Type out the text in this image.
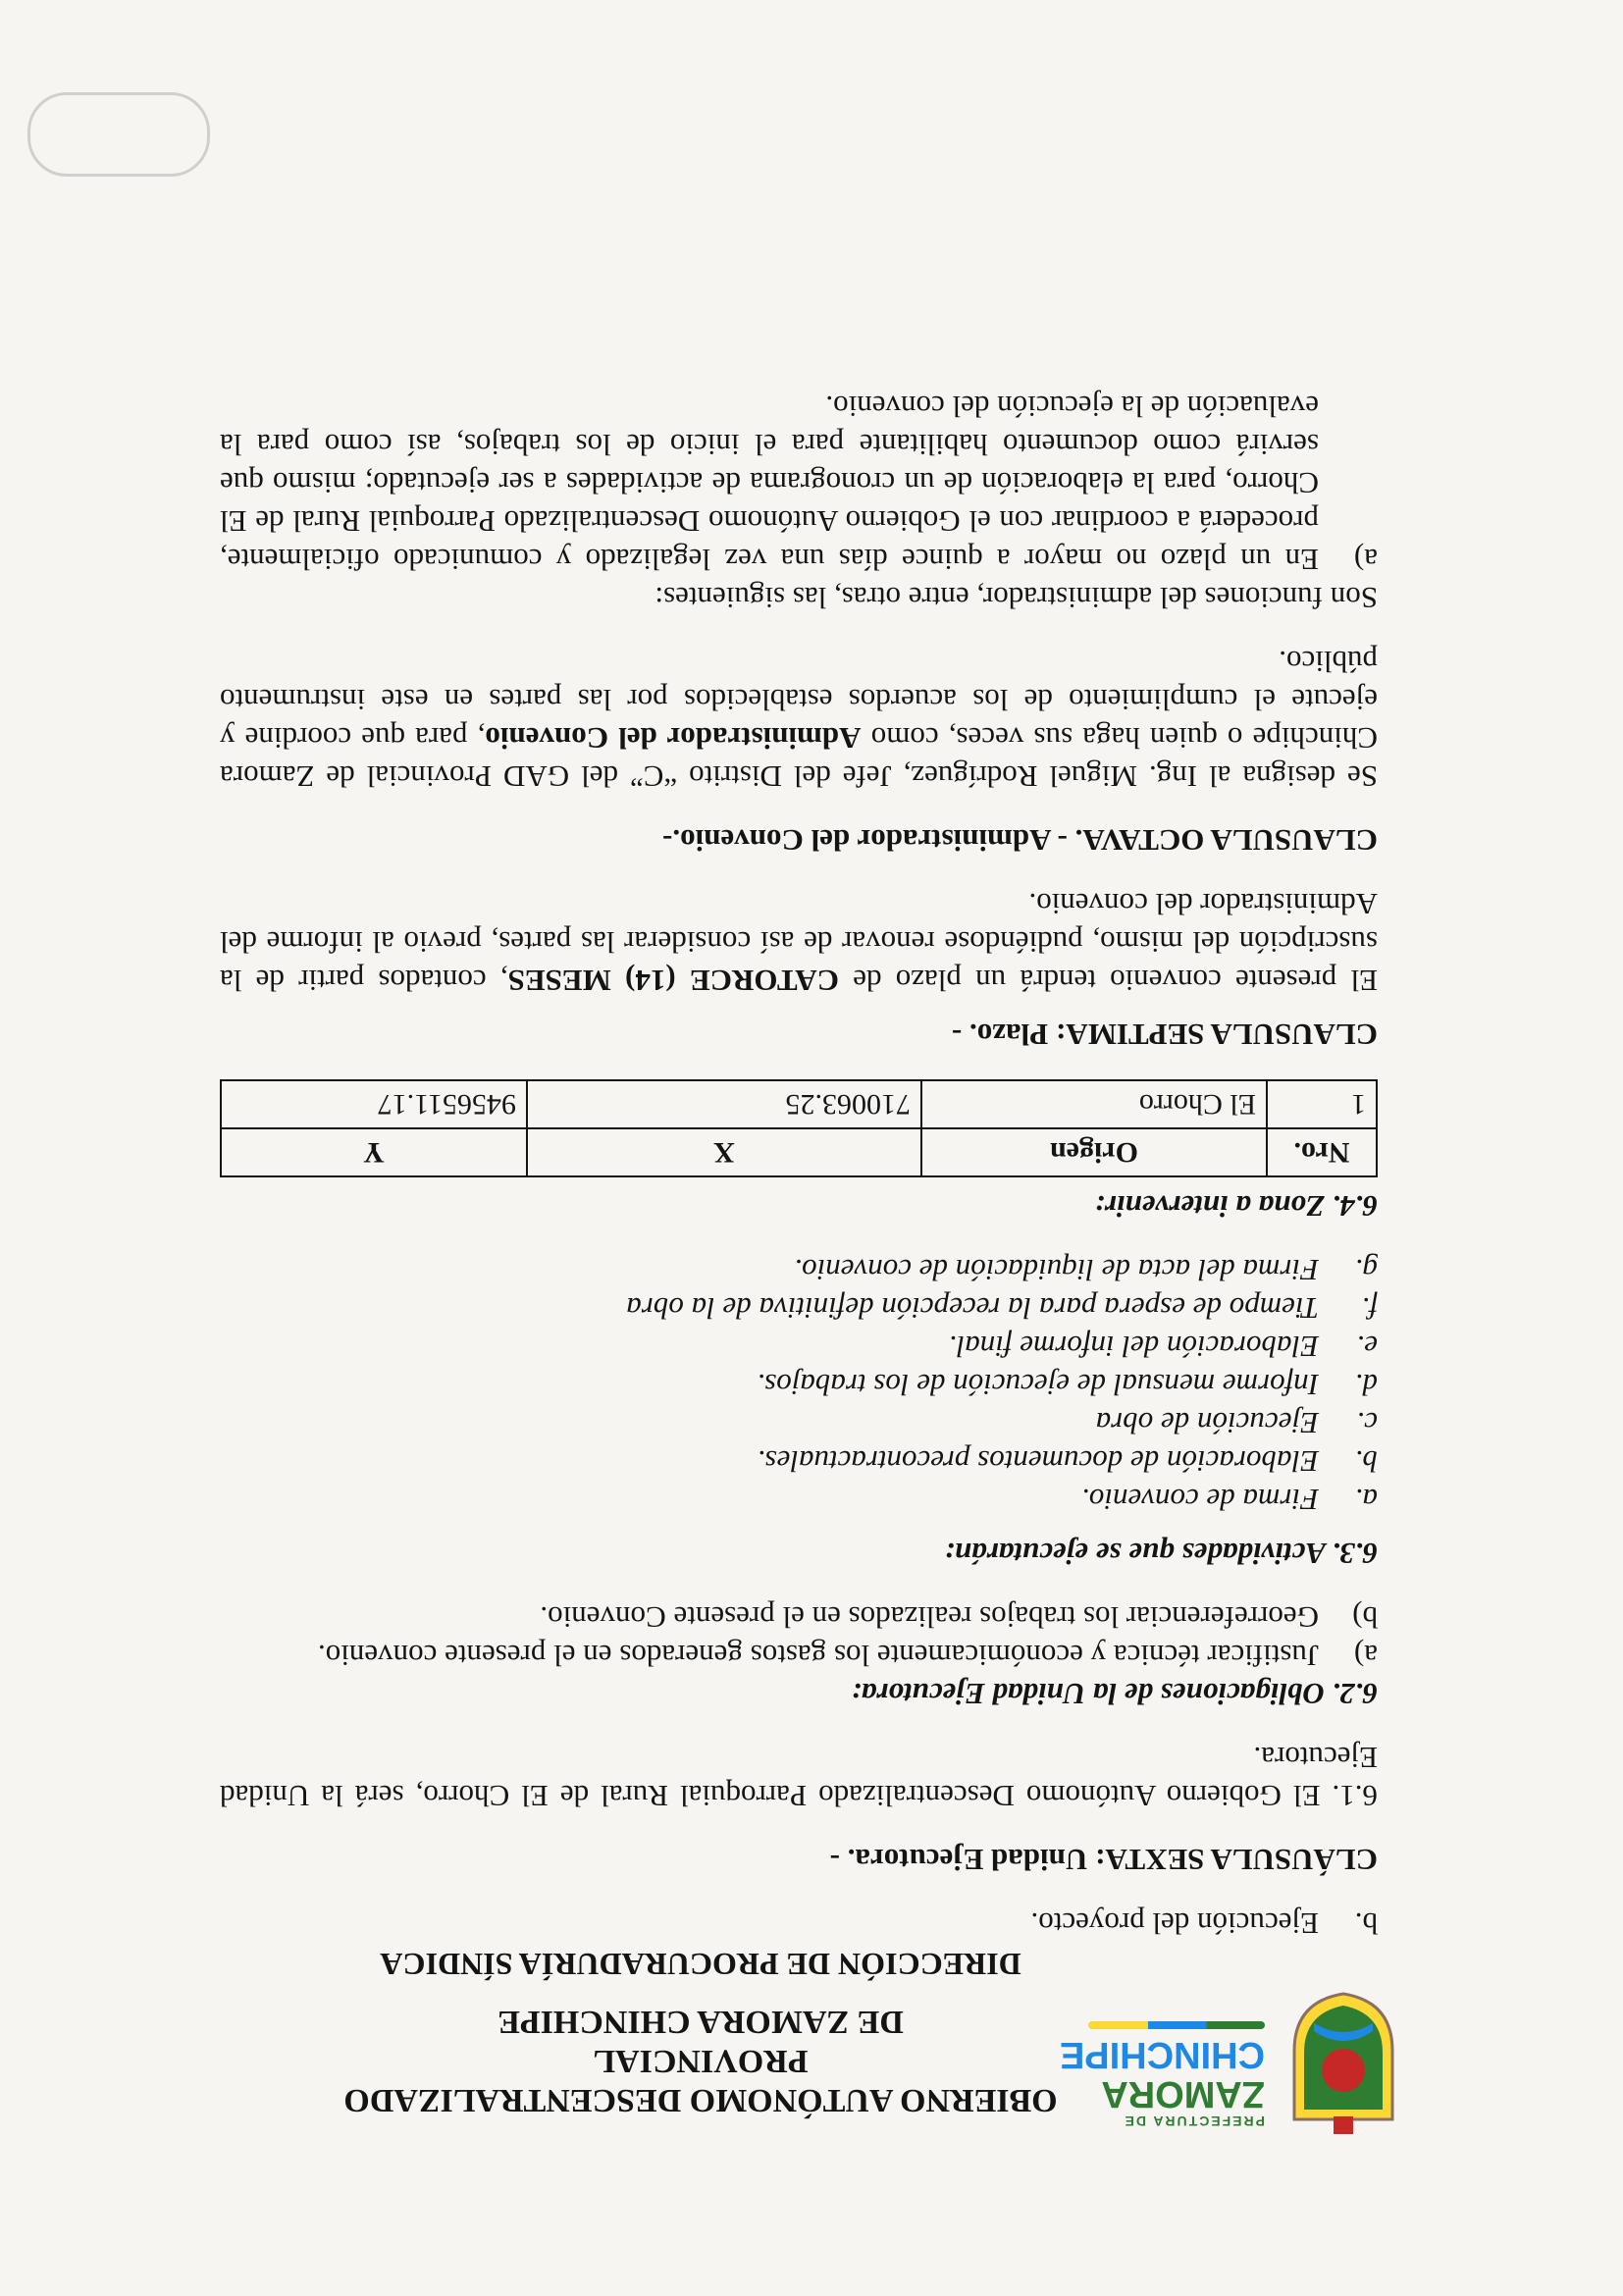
PREFECTURA DE
ZAMORA
CHINCHIPE
OBIERNO AUTÓNOMO DESCENTRALIZADO PROVINCIAL
DE ZAMORA CHINCHIPE
DIRECCIÓN DE PROCURADURÍA SÍNDICA
b.
Ejecución del proyecto.

CLÁUSULA SEXTA: Unidad Ejecutora. -

6.1. El Gobierno Autónomo Descentralizado Parroquial Rural de El Chorro, será la Unidad Ejecutora.

6.2. Obligaciones de la Unidad Ejecutora:

a)
Justificar técnica y económicamente los gastos generados en el presente convenio.
b)
Georreferenciar los trabajos realizados en el presente Convenio.

6.3. Actividades que se ejecutarán:

a.
Firma de convenio.
b.
Elaboración de documentos precontractuales.
c.
Ejecución de obra
d.
Informe mensual de ejecución de los trabajos.
e.
Elaboración del informe final.
f.
Tiempo de espera para la recepción definitiva de la obra
g.
Firma del acta de liquidación de convenio.

6.4. Zona a intervenir:

Nro.	Origen	X	Y
1	El Chorro	710063.25	9456511.17

CLAUSULA SEPTIMA: Plazo. -

El presente convenio tendrá un plazo de CATORCE (14) MESES, contados partir de la suscripción del mismo, pudiéndose renovar de así considerar las partes, previo al informe del Administrador del convenio.

CLAUSULA OCTAVA. - Administrador del Convenio.-

Se designa al Ing. Miguel Rodríguez, Jefe del Distrito “C” del GAD Provincial de Zamora Chinchipe o quien haga sus veces, como Administrador del Convenio, para que coordine y ejecute el cumplimiento de los acuerdos establecidos por las partes en este instrumento público.

Son funciones del administrador, entre otras, las siguientes:

a)
En un plazo no mayor a quince días una vez legalizado y comunicado oficialmente, procederá a coordinar con el Gobierno Autónomo Descentralizado Parroquial Rural de El Chorro, para la elaboración de un cronograma de actividades a ser ejecutado; mismo que servirá como documento habilitante para el inicio de los trabajos, así como para la evaluación de la ejecución del convenio.
